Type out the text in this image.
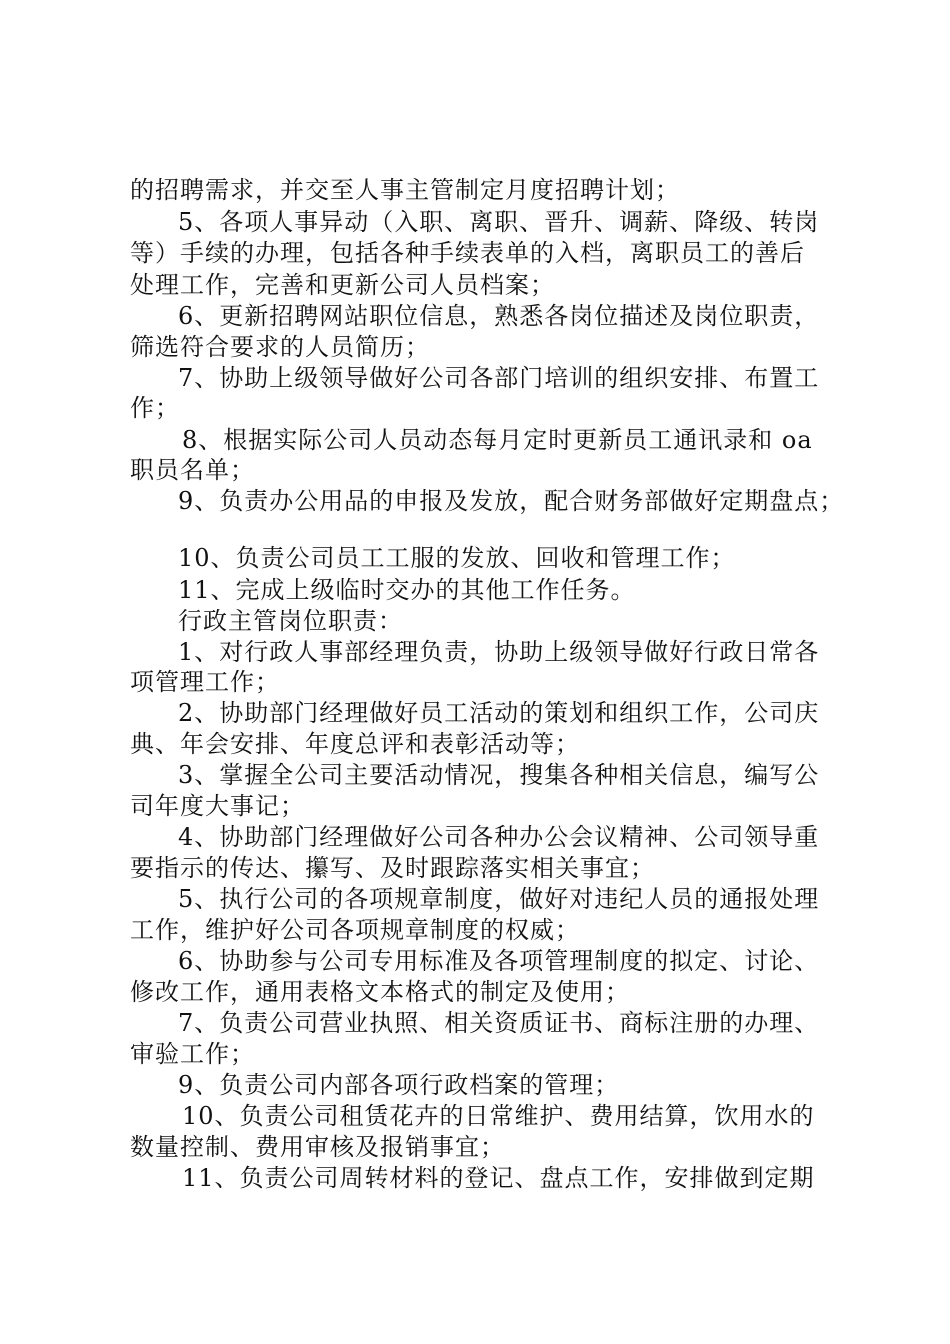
的招聘需求，并交至人事主管制定月度招聘计划；
5、各项人事异动（入职、离职、晋升、调薪、降级、转岗
等）手续的办理，包括各种手续表单的入档，离职员工的善后
处理工作，完善和更新公司人员档案；
6、更新招聘网站职位信息，熟悉各岗位描述及岗位职责，
筛选符合要求的人员简历；
7、协助上级领导做好公司各部门培训的组织安排、布置工
作；
8、根据实际公司人员动态每月定时更新员工通讯录和 oa
职员名单；
9、负责办公用品的申报及发放，配合财务部做好定期盘点；
10、负责公司员工工服的发放、回收和管理工作；
11、完成上级临时交办的其他工作任务。
行政主管岗位职责：
1、对行政人事部经理负责，协助上级领导做好行政日常各
项管理工作；
2、协助部门经理做好员工活动的策划和组织工作，公司庆
典、年会安排、年度总评和表彰活动等；
3、掌握全公司主要活动情况，搜集各种相关信息，编写公
司年度大事记；
4、协助部门经理做好公司各种办公会议精神、公司领导重
要指示的传达、攥写、及时跟踪落实相关事宜；
5、执行公司的各项规章制度，做好对违纪人员的通报处理
工作，维护好公司各项规章制度的权威；
6、协助参与公司专用标准及各项管理制度的拟定、讨论、
修改工作，通用表格文本格式的制定及使用；
7、负责公司营业执照、相关资质证书、商标注册的办理、
审验工作；
9、负责公司内部各项行政档案的管理；
10、负责公司租赁花卉的日常维护、费用结算，饮用水的
数量控制、费用审核及报销事宜；
11、负责公司周转材料的登记、盘点工作，安排做到定期
